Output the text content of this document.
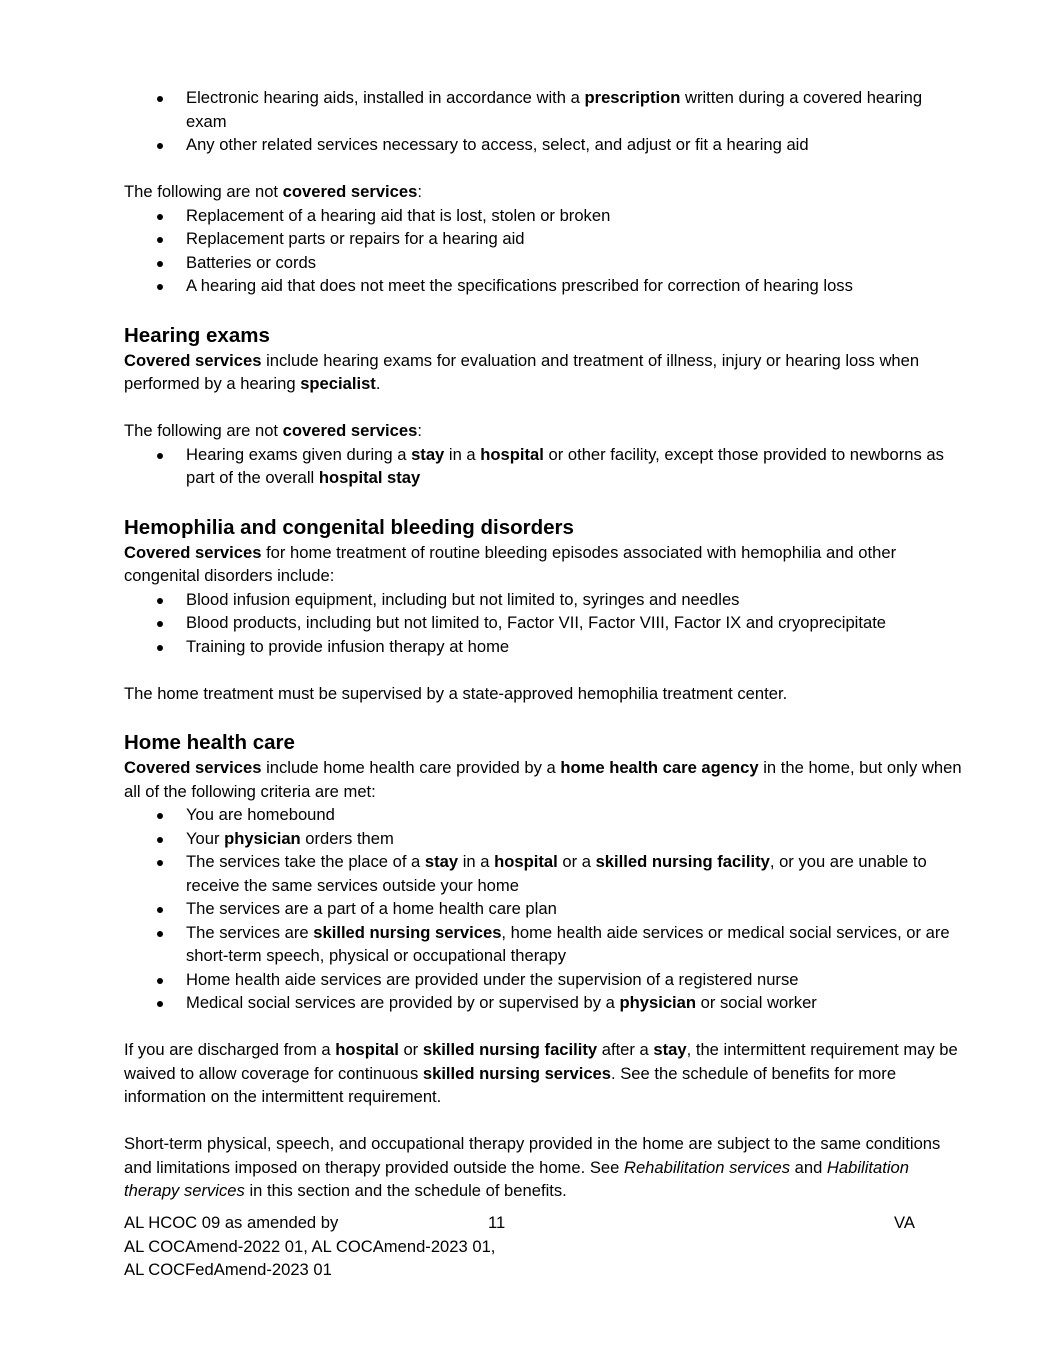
Electronic hearing aids, installed in accordance with a prescription written during a covered hearing
exam
Any other related services necessary to access, select, and adjust or fit a hearing aid

The following are not covered services:

Replacement of a hearing aid that is lost, stolen or broken
Replacement parts or repairs for a hearing aid
Batteries or cords
A hearing aid that does not meet the specifications prescribed for correction of hearing loss
Hearing exams

Covered services include hearing exams for evaluation and treatment of illness, injury or hearing loss when
performed by a hearing specialist.

The following are not covered services:

Hearing exams given during a stay in a hospital or other facility, except those provided to newborns as
part of the overall hospital stay
Hemophilia and congenital bleeding disorders

Covered services for home treatment of routine bleeding episodes associated with hemophilia and other
congenital disorders include:

Blood infusion equipment, including but not limited to, syringes and needles
Blood products, including but not limited to, Factor VII, Factor VIII, Factor IX and cryoprecipitate
Training to provide infusion therapy at home

The home treatment must be supervised by a state-approved hemophilia treatment center.

Home health care

Covered services include home health care provided by a home health care agency in the home, but only when
all of the following criteria are met:

You are homebound
Your physician orders them
The services take the place of a stay in a hospital or a skilled nursing facility, or you are unable to
receive the same services outside your home
The services are a part of a home health care plan
The services are skilled nursing services, home health aide services or medical social services, or are
short-term speech, physical or occupational therapy
Home health aide services are provided under the supervision of a registered nurse
Medical social services are provided by or supervised by a physician or social worker

If you are discharged from a hospital or skilled nursing facility after a stay, the intermittent requirement may be
waived to allow coverage for continuous skilled nursing services. See the schedule of benefits for more
information on the intermittent requirement.

Short-term physical, speech, and occupational therapy provided in the home are subject to the same conditions
and limitations imposed on therapy provided outside the home. See Rehabilitation services and Habilitation
therapy services in this section and the schedule of benefits.

AL HCOC 09 as amended by	11	VA
AL COCAmend-2022 01, AL COCAmend-2023 01,
AL COCFedAmend-2023 01
